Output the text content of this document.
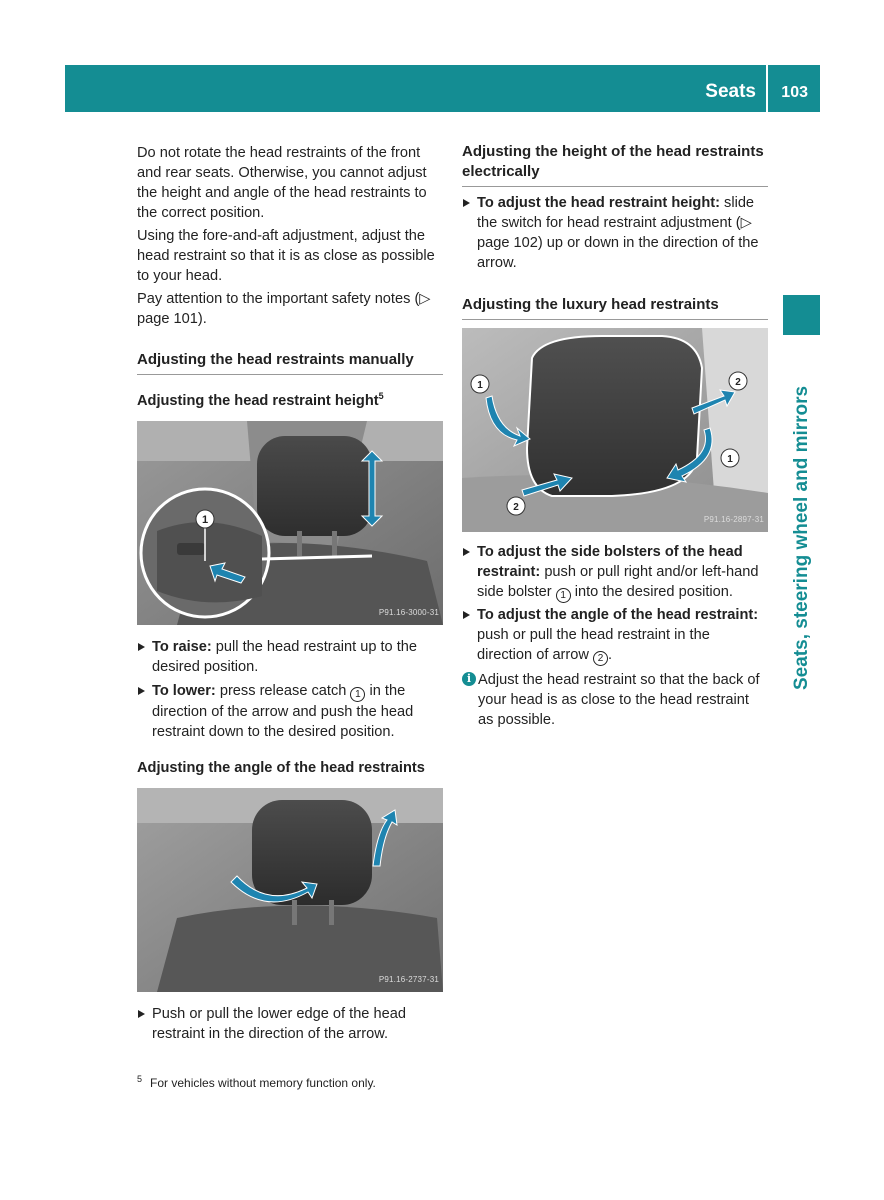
Seats 103
Seats, steering wheel and mirrors

Do not rotate the head restraints of the front and rear seats. Otherwise, you cannot adjust the height and angle of the head restraints to the correct position.

Using the fore-and-aft adjustment, adjust the head restraint so that it is as close as possible to your head.

Pay attention to the important safety notes (▷ page 101).

Adjusting the head restraints manually
Adjusting the head restraint height$^5$
1
P91.16-3000-31
To raise: pull the head restraint up to the desired position.
To lower: press release catch 1 in the direction of the arrow and push the head restraint down to the desired position.
Adjusting the angle of the head restraints
P91.16-2737-31
Push or pull the lower edge of the head restraint in the direction of the arrow.
Adjusting the height of the head restraints electrically
To adjust the head restraint height: slide the switch for head restraint adjustment (▷ page 102) up or down in the direction of the arrow.
Adjusting the luxury head restraints
1	2
1
2
P91.16-2897-31
To adjust the side bolsters of the head restraint: push or pull right and/or left-hand side bolster 1 into the desired position.
To adjust the angle of the head restraint: push or pull the head restraint in the direction of arrow 2 .
i Adjust the head restraint so that the back of your head is as close to the head restraint as possible.
$^5$ For vehicles without memory function only.
